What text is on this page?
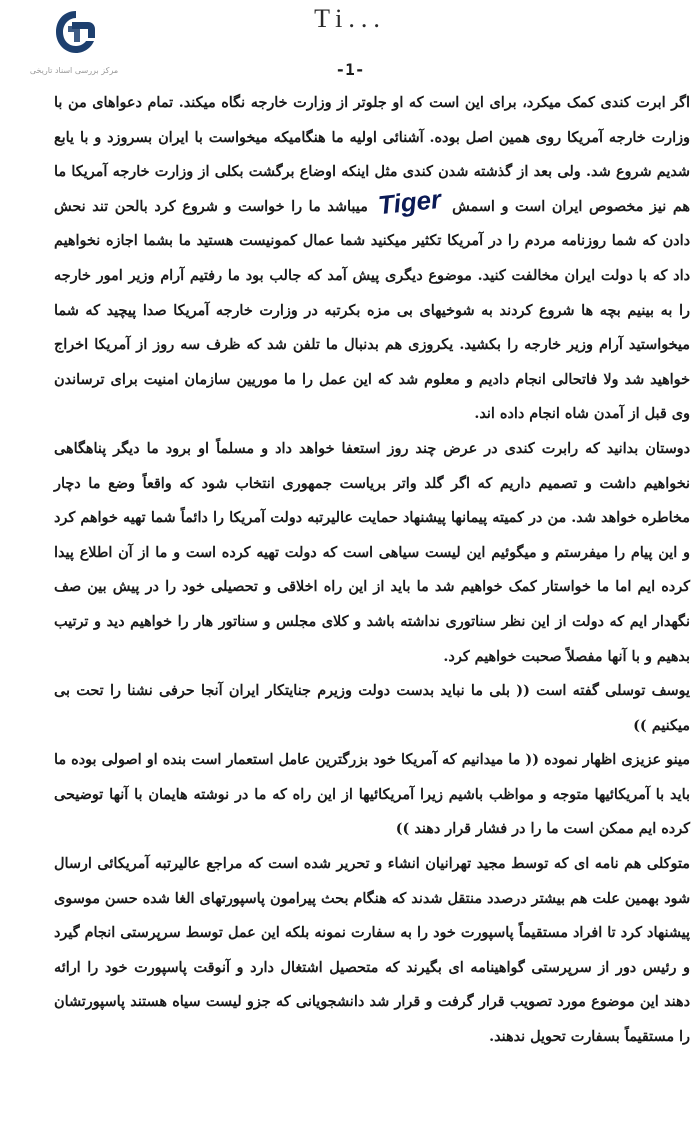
مرکز بررسی اسناد تاریخی
Ti...
-1-

اگر ابرت کندی کمک میکرد، برای این است که او جلوتر از وزارت خارجه نگاه میکند. تمام دعواهای من با وزارت خارجه آمریکا روی همین اصل بوده. آشنائی اولیه ما هنگامیکه میخواست با ایران بسروزد و با یابع شدیم شروع شد. ولی بعد از گذشته شدن کندی مثل اینکه اوضاع برگشت بکلی از وزارت خارجه آمریکا ما هم نیز مخصوص ایران است و اسمش Tiger میباشد ما را خواست و شروع کرد بالحن تند نحش دادن که شما روزنامه مردم را در آمریکا تکثیر میکنید شما عمال کمونیست هستید ما بشما اجازه نخواهیم داد که با دولت ایران مخالفت کنید. موضوع دیگری پیش آمد که جالب بود ما رفتیم آرام وزیر امور خارجه را به بینیم بچه ها شروع کردند به شوخیهای بی مزه بکرتبه در وزارت خارجه آمریکا صدا پیچید که شما میخواستید آرام وزیر خارجه را بکشید. یکروزی هم بدنبال ما تلفن شد که ظرف سه روز از آمریکا اخراج خواهید شد ولا فاتحالی انجام دادیم و معلوم شد که این عمل را ما موریین سازمان امنیت برای ترساندن وی قبل از آمدن شاه انجام داده اند.

دوستان بدانید که رابرت کندی در عرض چند روز استعفا خواهد داد و مسلماً او برود ما دیگر پناهگاهی نخواهیم داشت و تصمیم داریم که اگر گلد واتر بریاست جمهوری انتخاب شود که واقعاً وضع ما دچار مخاطره خواهد شد. من در کمیته پیمانها پیشنهاد حمایت عالیرتبه دولت آمریکا را دائماً شما تهیه خواهم کرد و این پیام را میفرستم و میگوئیم این لیست سیاهی است که دولت تهیه کرده است و ما از آن اطلاع پیدا کرده ایم اما ما خواستار کمک خواهیم شد ما باید از این راه اخلاقی و تحصیلی خود را در پیش بین صف نگهدار ایم که دولت از این نظر سناتوری نداشته باشد و کلای مجلس و سناتور هار را خواهیم دید و ترتیب بدهیم و با آنها مفصلاً صحبت خواهیم کرد.

یوسف توسلی گفته است (( بلی ما نباید بدست دولت وزیرم جنایتکار ایران آنجا حرفی نشنا را تحت بی میکنیم ))

مینو عزیزی اظهار نموده (( ما میدانیم که آمریکا خود بزرگترین عامل استعمار است بنده او اصولی بوده ما باید با آمریکائیها متوجه و مواظب باشیم زیرا آمریکائیها از این راه که ما در نوشته هایمان با آنها توضیحی کرده ایم ممکن است ما را در فشار قرار دهند ))

متوکلی هم نامه ای که توسط مجید تهرانیان انشاء و تحریر شده است که مراجع عالیرتبه آمریکائی ارسال شود بهمین علت هم بیشتر درصدد منتقل شدند که هنگام بحث پیرامون پاسپورتهای الغا شده حسن موسوی پیشنهاد کرد تا افراد مستقیماً پاسپورت خود را به سفارت نمونه بلکه این عمل توسط سرپرستی انجام گیرد و رئیس دور از سرپرستی گواهینامه ای بگیرند که متحصیل اشتغال دارد و آنوقت پاسپورت خود را ارائه دهند این موضوع مورد تصویب قرار گرفت و قرار شد دانشجویانی که جزو لیست سیاه هستند پاسپورتشان را مستقیماً بسفارت تحویل ندهند.
